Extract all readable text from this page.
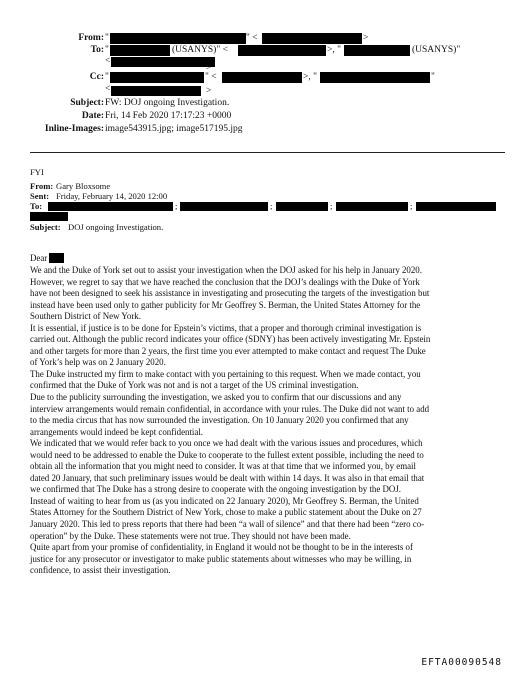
From: "	" <	>
To: "	(USANYS)" <	>, "	(USANYS)"
<
>
Cc: "	" <	>, "	"
<	>
Subject: FW: DOJ ongoing Investigation.
Date: Fri, 14 Feb 2020 17:17:23 +0000
Inline-Images: image543915.jpg; image517195.jpg
FYI
From: Gary Bloxsome
Sent: Friday, February 14, 2020 12:00
To:	;	;	;	;
Subject: DOJ ongoing Investigation.
Dear
We and the Duke of York set out to assist your investigation when the DOJ asked for his help in January 2020.
However, we regret to say that we have reached the conclusion that the DOJ’s dealings with the Duke of York
have not been designed to seek his assistance in investigating and prosecuting the targets of the investigation but
instead have been used only to gather publicity for Mr Geoffrey S. Berman, the United States Attorney for the
Southern District of New York.
It is essential, if justice is to be done for Epstein’s victims, that a proper and thorough criminal investigation is
carried out. Although the public record indicates your office (SDNY) has been actively investigating Mr. Epstein
and other targets for more than 2 years, the first time you ever attempted to make contact and request The Duke
of York’s help was on 2 January 2020.
The Duke instructed my firm to make contact with you pertaining to this request. When we made contact, you
confirmed that the Duke of York was not and is not a target of the US criminal investigation.
Due to the publicity surrounding the investigation, we asked you to confirm that our discussions and any
interview arrangements would remain confidential, in accordance with your rules. The Duke did not want to add
to the media circus that has now surrounded the investigation. On 10 January 2020 you confirmed that any
arrangements would indeed be kept confidential.
We indicated that we would refer back to you once we had dealt with the various issues and procedures, which
would need to be addressed to enable the Duke to cooperate to the fullest extent possible, including the need to
obtain all the information that you might need to consider. It was at that time that we informed you, by email
dated 20 January, that such preliminary issues would be dealt with within 14 days. It was also in that email that
we confirmed that The Duke has a strong desire to cooperate with the ongoing investigation by the DOJ.
Instead of waiting to hear from us (as you indicated on 22 January 2020), Mr Geoffrey S. Berman, the United
States Attorney for the Southern District of New York, chose to make a public statement about the Duke on 27
January 2020. This led to press reports that there had been “a wall of silence” and that there had been “zero co-
operation” by the Duke. These statements were not true. They should not have been made.
Quite apart from your promise of confidentiality, in England it would not be thought to be in the interests of
justice for any prosecutor or investigator to make public statements about witnesses who may be willing, in
confidence, to assist their investigation.
EFTA00090548
